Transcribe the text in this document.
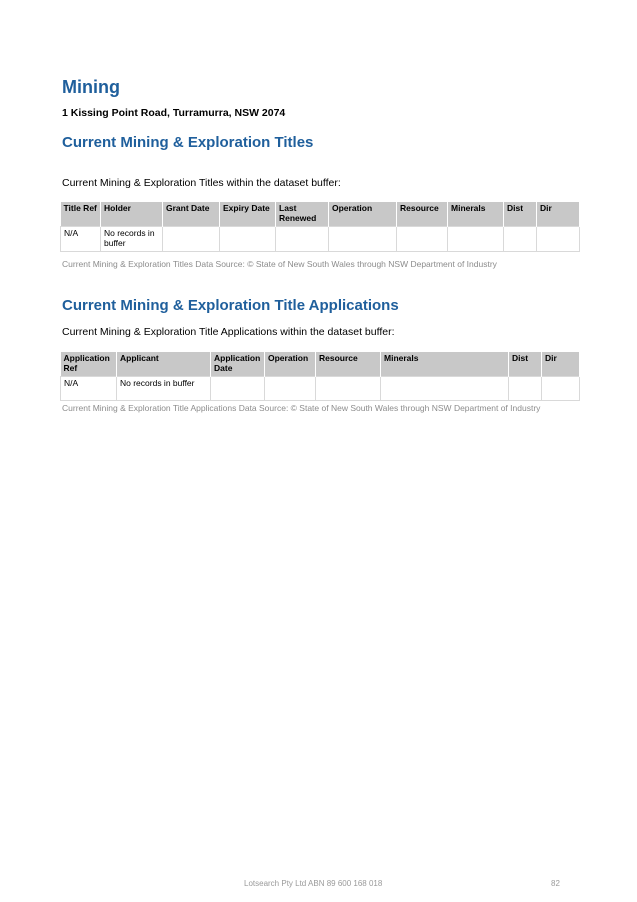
Mining

1 Kissing Point Road, Turramurra, NSW 2074

Current Mining & Exploration Titles

Current Mining & Exploration Titles within the dataset buffer:

Title Ref	Holder	Grant Date	Expiry Date	Last Renewed	Operation	Resource	Minerals	Dist	Dir
N/A	No records in buffer								

Current Mining & Exploration Titles Data Source: © State of New South Wales through NSW Department of Industry

Current Mining & Exploration Title Applications

Current Mining & Exploration Title Applications within the dataset buffer:

Application Ref	Applicant	Application Date	Operation	Resource	Minerals	Dist	Dir
N/A	No records in buffer						

Current Mining & Exploration Title Applications Data Source: © State of New South Wales through NSW Department of Industry

Lotsearch Pty Ltd ABN 89 600 168 018	82
